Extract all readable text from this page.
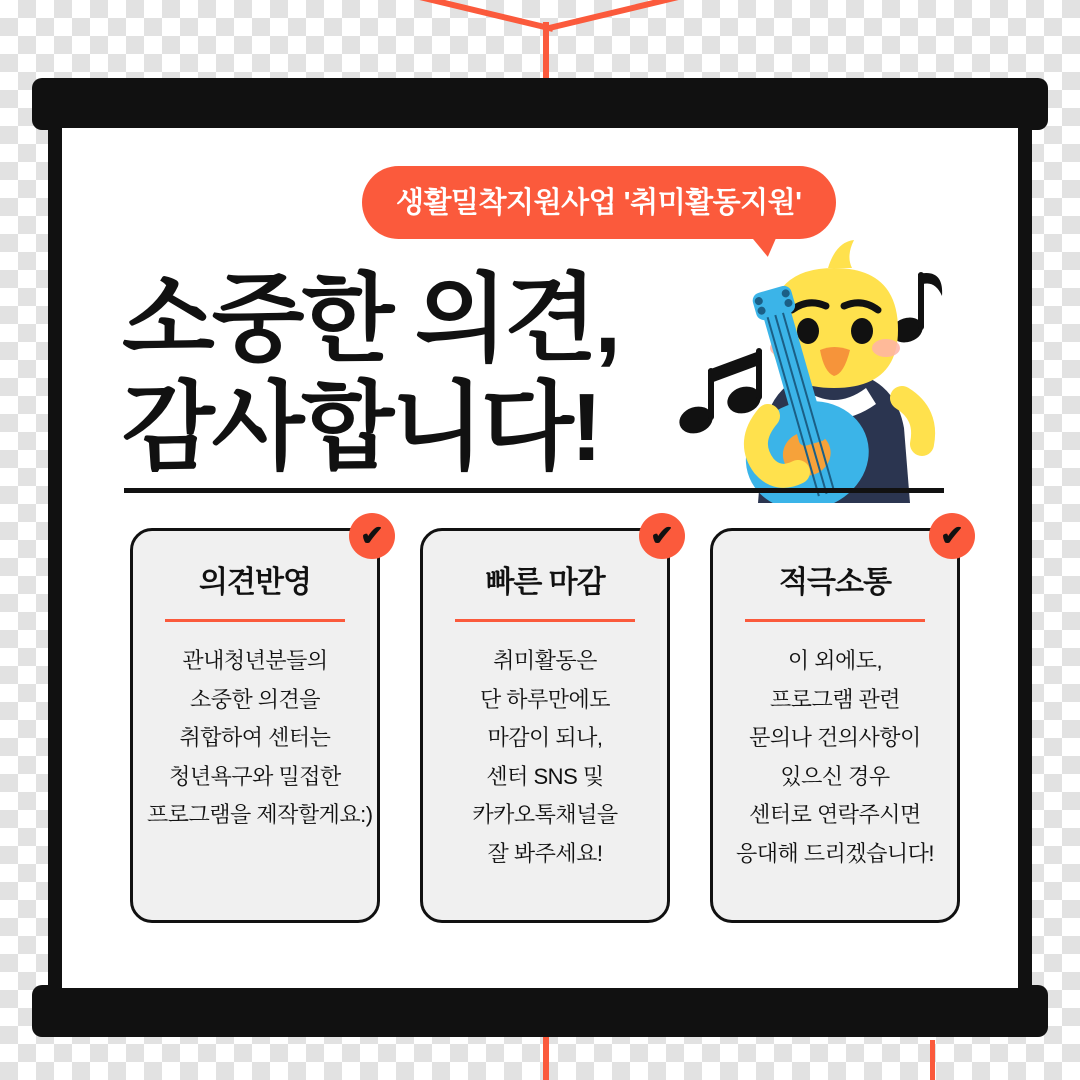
생활밀착지원사업 '취미활동지원'
소중한 의견,
감사합니다!
✔
의견반영
관내청년분들의
소중한 의견을
취합하여 센터는
청년욕구와 밀접한
프로그램을 제작할게요:)
✔
빠른 마감
취미활동은
단 하루만에도
마감이 되나,
센터 SNS 및
카카오톡채널을
잘 봐주세요!
✔
적극소통
이 외에도,
프로그램 관련
문의나 건의사항이
있으신 경우
센터로 연락주시면
응대해 드리겠습니다!
